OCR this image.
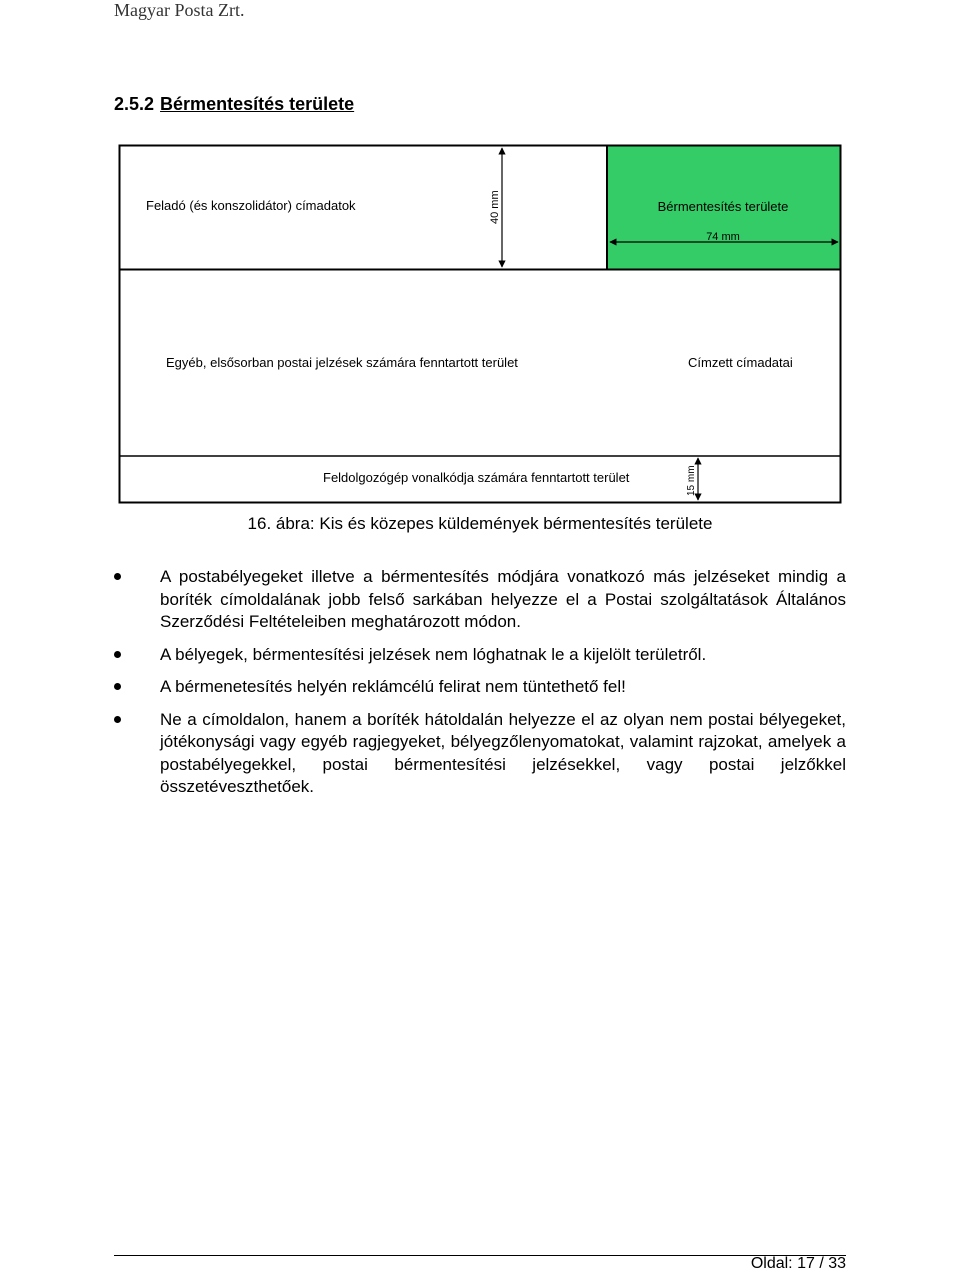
Magyar Posta Zrt.
2.5.2 Bérmentesítés területe
40 mm
74 mm
15 mm
Feladó (és konszolidátor) címadatok	Bérmentesítés területe
Egyéb, elsősorban postai jelzések számára fenntartott terület	Címzett címadatai
Feldolgozógép vonalkódja számára fenntartott terület
16. ábra: Kis és közepes küldemények bérmentesítés területe
A postabélyegeket illetve a bérmentesítés módjára vonatkozó más jelzéseket mindig a boríték címoldalának jobb felső sarkában helyezze el a Postai szolgáltatások Általános Szerződési Feltételeiben meghatározott módon.
A bélyegek, bérmentesítési jelzések nem lóghatnak le a kijelölt területről.
A bérmenetesítés helyén reklámcélú felirat nem tüntethető fel!
Ne a címoldalon, hanem a boríték hátoldalán helyezze el az olyan nem postai bélyegeket, jótékonysági vagy egyéb ragjegyeket, bélyegzőlenyomatokat, valamint rajzokat, amelyek a postabélyegekkel, postai bérmentesítési jelzésekkel, vagy postai jelzőkkel összetéveszthetőek.
Oldal: 17 / 33
